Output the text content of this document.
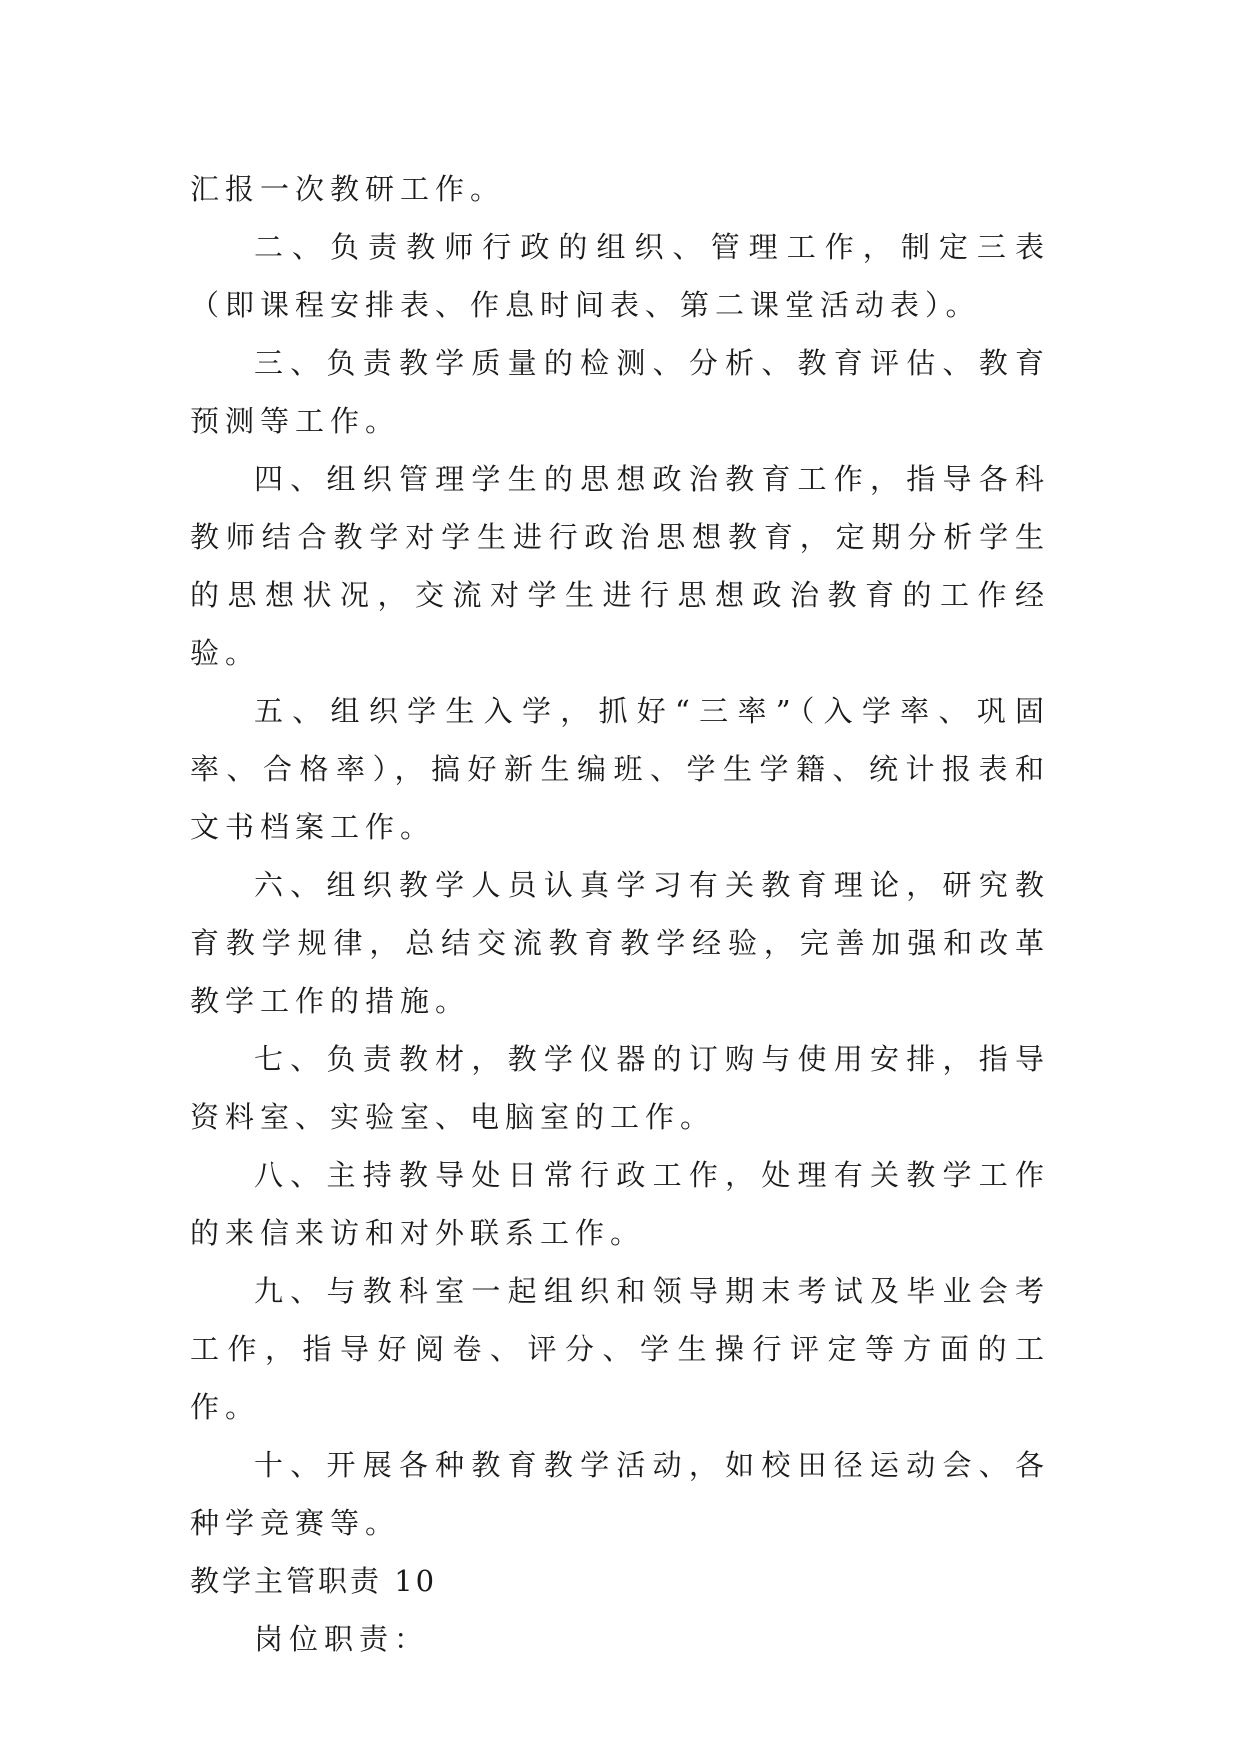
汇报一次教研工作。

二、负责教师行政的组织、管理工作，制定三表（即课程安排表、作息时间表、第二课堂活动表）。

三、负责教学质量的检测、分析、教育评估、教育预测等工作。

四、组织管理学生的思想政治教育工作，指导各科教师结合教学对学生进行政治思想教育，定期分析学生的思想状况，交流对学生进行思想政治教育的工作经验。

五、组织学生入学，抓好“三率”（入学率、巩固率、合格率），搞好新生编班、学生学籍、统计报表和文书档案工作。

六、组织教学人员认真学习有关教育理论，研究教育教学规律，总结交流教育教学经验，完善加强和改革教学工作的措施。

七、负责教材，教学仪器的订购与使用安排，指导资料室、实验室、电脑室的工作。

八、主持教导处日常行政工作，处理有关教学工作的来信来访和对外联系工作。

九、与教科室一起组织和领导期末考试及毕业会考工作，指导好阅卷、评分、学生操行评定等方面的工作。

十、开展各种教育教学活动，如校田径运动会、各种学竞赛等。

教学主管职责 10

岗位职责：
